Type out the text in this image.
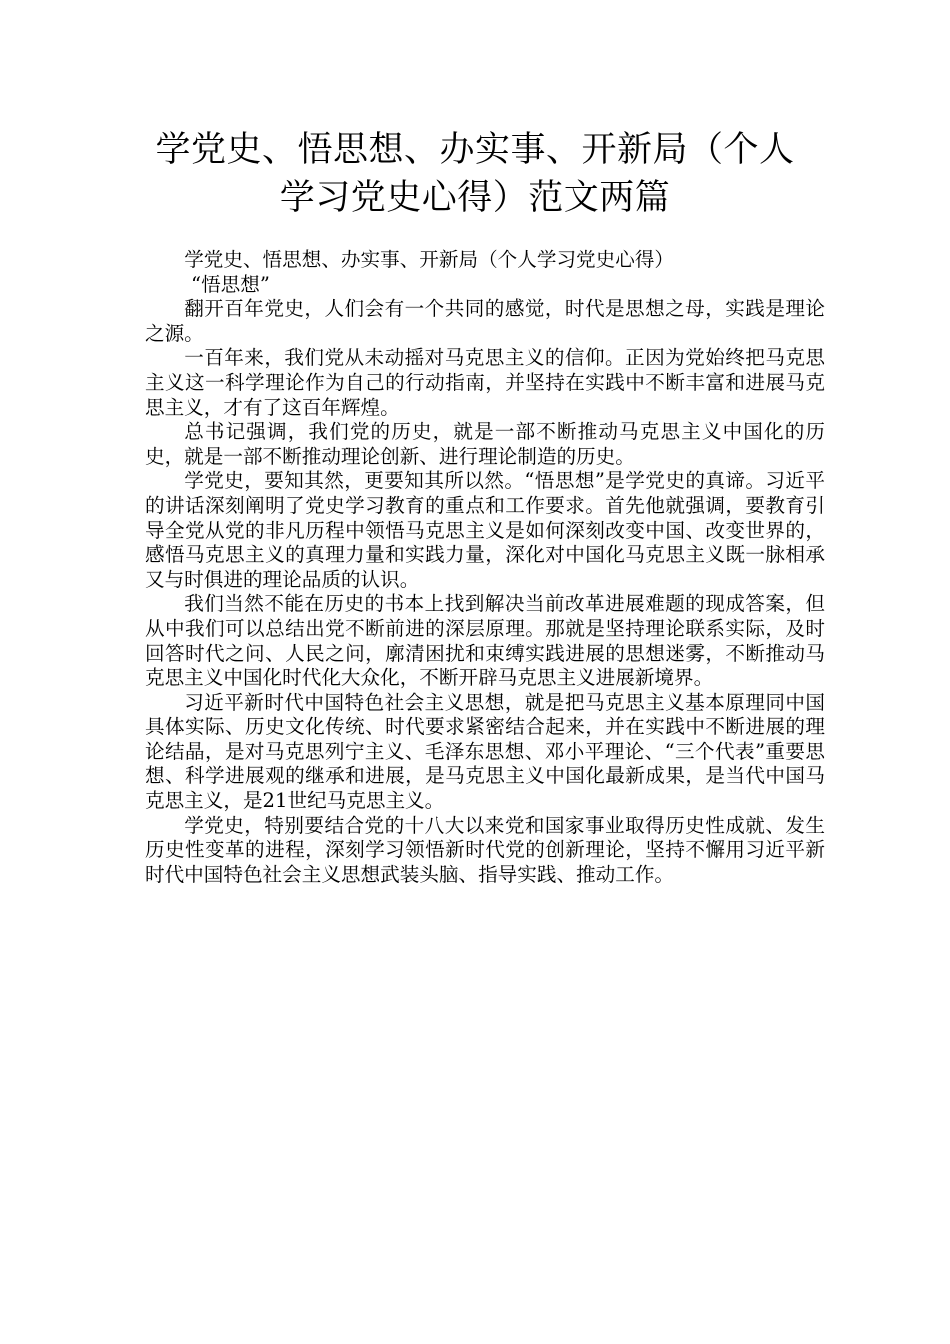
学党史、悟思想、办实事、开新局（个人
学习党史心得）范文两篇

学党史、悟思想、办实事、开新局（个人学习党史心得）

“悟思想”

翻开百年党史，人们会有一个共同的感觉，时代是思想之母，实践是理论之源。

一百年来，我们党从未动摇对马克思主义的信仰。正因为党始终把马克思主义这一科学理论作为自己的行动指南，并坚持在实践中不断丰富和进展马克思主义，才有了这百年辉煌。

总书记强调，我们党的历史，就是一部不断推动马克思主义中国化的历史，就是一部不断推动理论创新、进行理论制造的历史。

学党史，要知其然，更要知其所以然。“悟思想”是学党史的真谛。习近平的讲话深刻阐明了党史学习教育的重点和工作要求。首先他就强调，要教育引导全党从党的非凡历程中领悟马克思主义是如何深刻改变中国、改变世界的，感悟马克思主义的真理力量和实践力量，深化对中国化马克思主义既一脉相承又与时俱进的理论品质的认识。

我们当然不能在历史的书本上找到解决当前改革进展难题的现成答案，但从中我们可以总结出党不断前进的深层原理。那就是坚持理论联系实际，及时回答时代之问、人民之问，廓清困扰和束缚实践进展的思想迷雾，不断推动马克思主义中国化时代化大众化，不断开辟马克思主义进展新境界。

习近平新时代中国特色社会主义思想，就是把马克思主义基本原理同中国具体实际、历史文化传统、时代要求紧密结合起来，并在实践中不断进展的理论结晶，是对马克思列宁主义、毛泽东思想、邓小平理论、“三个代表”重要思想、科学进展观的继承和进展，是马克思主义中国化最新成果，是当代中国马克思主义，是21世纪马克思主义。

学党史，特别要结合党的十八大以来党和国家事业取得历史性成就、发生历史性变革的进程，深刻学习领悟新时代党的创新理论，坚持不懈用习近平新时代中国特色社会主义思想武装头脑、指导实践、推动工作。
